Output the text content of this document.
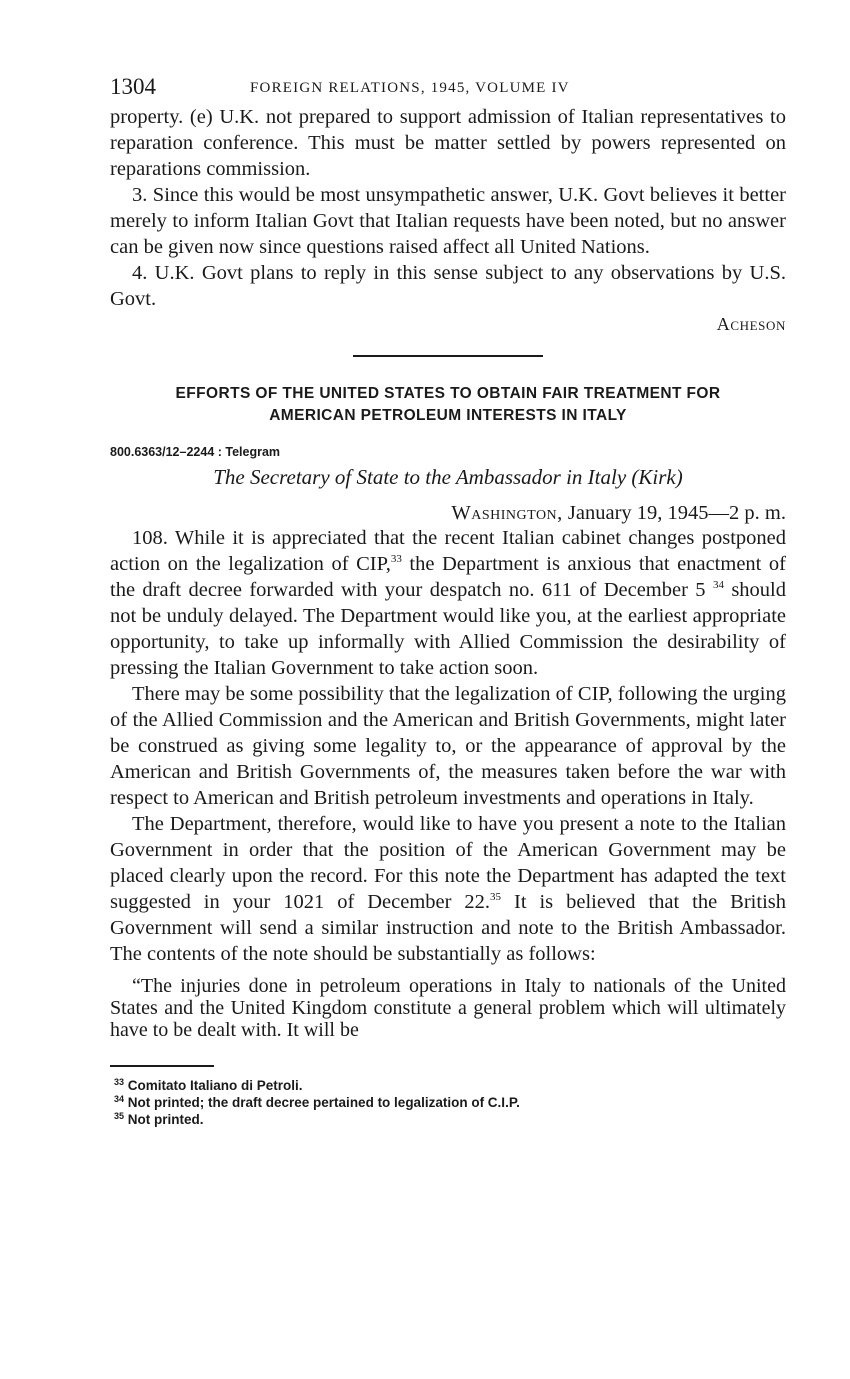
1304	FOREIGN RELATIONS, 1945, VOLUME IV

property. (e) U.K. not prepared to support admission of Italian representatives to reparation conference. This must be matter settled by powers represented on reparations commission.

3. Since this would be most unsympathetic answer, U.K. Govt believes it better merely to inform Italian Govt that Italian requests have been noted, but no answer can be given now since questions raised affect all United Nations.

4. U.K. Govt plans to reply in this sense subject to any observations by U.S. Govt.

Acheson
EFFORTS OF THE UNITED STATES TO OBTAIN FAIR TREATMENT FOR
AMERICAN PETROLEUM INTERESTS IN ITALY
800.6363/12–2244 : Telegram
The Secretary of State to the Ambassador in Italy (Kirk)
Washington, January 19, 1945—2 p. m.

108. While it is appreciated that the recent Italian cabinet changes postponed action on the legalization of CIP,$^{33}$ the Department is anxious that enactment of the draft decree forwarded with your despatch no. 611 of December 5 $^{34}$ should not be unduly delayed. The Department would like you, at the earliest appropriate opportunity, to take up informally with Allied Commission the desirability of pressing the Italian Government to take action soon.

There may be some possibility that the legalization of CIP, following the urging of the Allied Commission and the American and British Governments, might later be construed as giving some legality to, or the appearance of approval by the American and British Governments of, the measures taken before the war with respect to American and British petroleum investments and operations in Italy.

The Department, therefore, would like to have you present a note to the Italian Government in order that the position of the American Government may be placed clearly upon the record. For this note the Department has adapted the text suggested in your 1021 of December 22.35 It is believed that the British Government will send a similar instruction and note to the British Ambassador. The contents of the note should be substantially as follows:

“The injuries done in petroleum operations in Italy to nationals of the United States and the United Kingdom constitute a general problem which will ultimately have to be dealt with. It will be

$^{33}$ Comitato Italiano di Petroli.

$^{34}$ Not printed; the draft decree pertained to legalization of C.I.P.

$^{35}$ Not printed.
